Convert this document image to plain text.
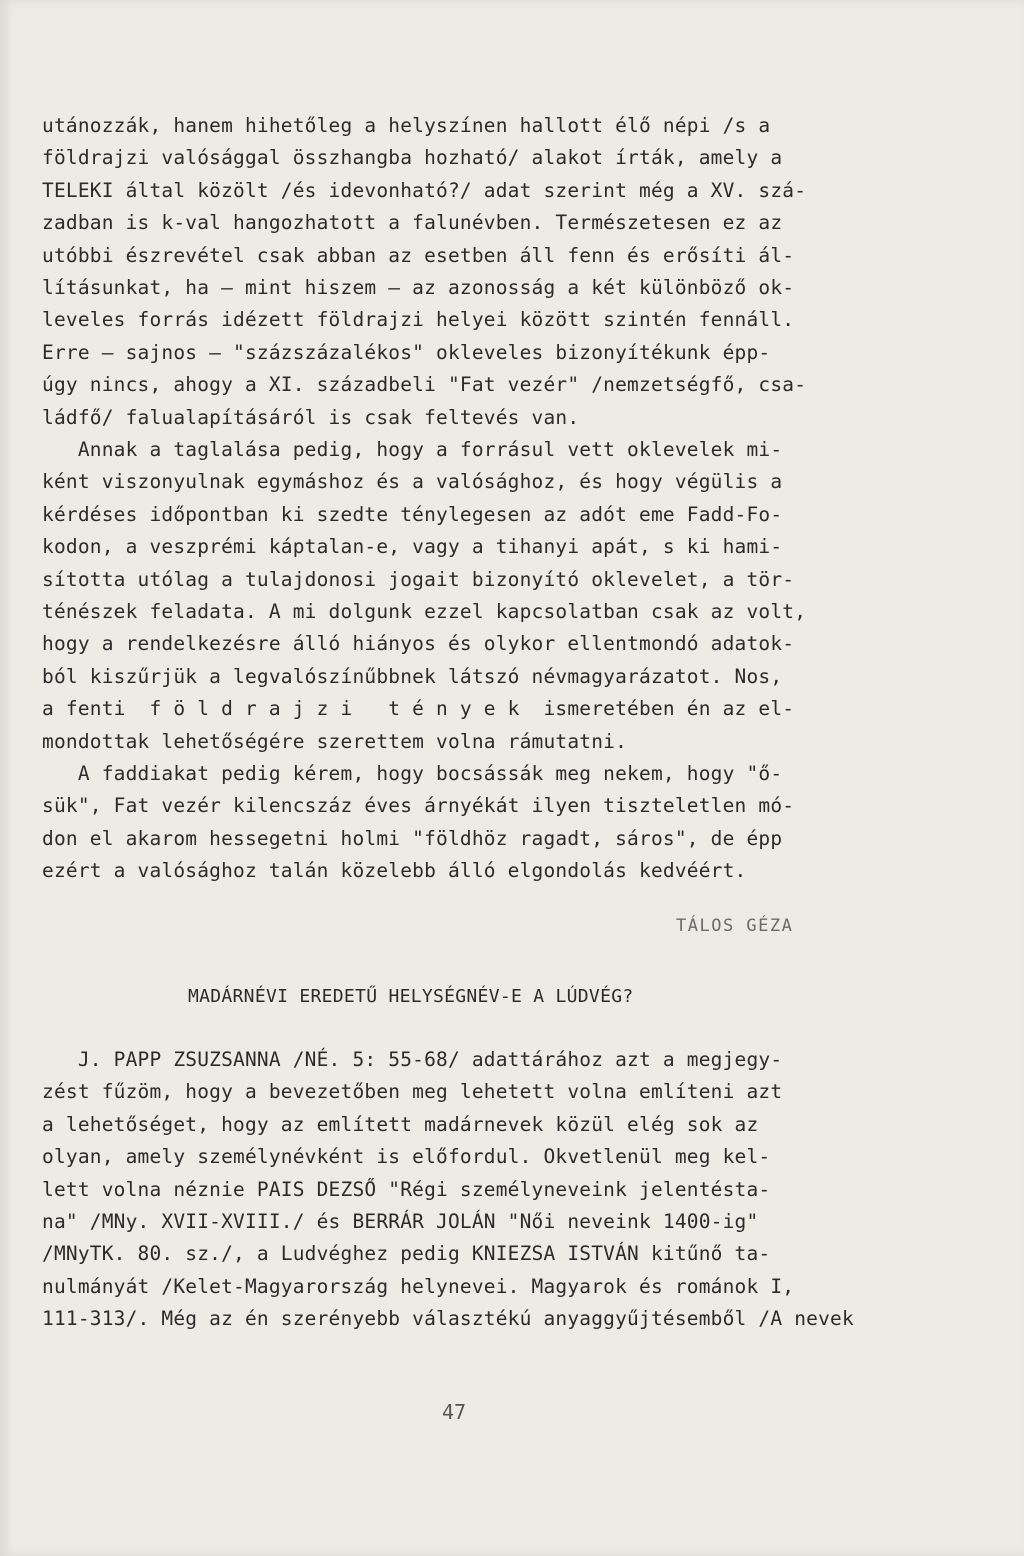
utánozzák, hanem hihetőleg a helyszínen hallott élő népi /s a
földrajzi valósággal összhangba hozható/ alakot írták, amely a
TELEKI által közölt /és idevonható?/ adat szerint még a XV. szá-
zadban is k-val hangozhatott a falunévben. Természetesen ez az
utóbbi észrevétel csak abban az esetben áll fenn és erősíti ál-
lításunkat, ha – mint hiszem – az azonosság a két különböző ok-
leveles forrás idézett földrajzi helyei között szintén fennáll.
Erre – sajnos – "százszázalékos" okleveles bizonyítékunk épp-
úgy nincs, ahogy a XI. századbeli "Fat vezér" /nemzetségfő, csa-
ládfő/ falualapításáról is csak feltevés van.
Annak a taglalása pedig, hogy a forrásul vett oklevelek mi-
ként viszonyulnak egymáshoz és a valósághoz, és hogy végülis a
kérdéses időpontban ki szedte ténylegesen az adót eme Fadd-Fo-
kodon, a veszprémi káptalan-e, vagy a tihanyi apát, s ki hami-
sította utólag a tulajdonosi jogait bizonyító oklevelet, a tör-
ténészek feladata. A mi dolgunk ezzel kapcsolatban csak az volt,
hogy a rendelkezésre álló hiányos és olykor ellentmondó adatok-
ból kiszűrjük a legvalószínűbbnek látszó névmagyarázatot. Nos,
a fenti  f ö l d r a j z i   t é n y e k  ismeretében én az el-
mondottak lehetőségére szerettem volna rámutatni.
A faddiakat pedig kérem, hogy bocsássák meg nekem, hogy "ő-
sük", Fat vezér kilencszáz éves árnyékát ilyen tiszteletlen mó-
don el akarom hessegetni holmi "földhöz ragadt, sáros", de épp
ezért a valósághoz talán közelebb álló elgondolás kedvéért.
TÁLOS GÉZA
MADÁRNÉVI EREDETŰ HELYSÉGNÉV-E A LÚDVÉG?
J. PAPP ZSUZSANNA /NÉ. 5: 55-68/ adattárához azt a megjegy-
zést fűzöm, hogy a bevezetőben meg lehetett volna említeni azt
a lehetőséget, hogy az említett madárnevek közül elég sok az
olyan, amely személynévként is előfordul. Okvetlenül meg kel-
lett volna néznie PAIS DEZSŐ "Régi személyneveink jelentésta-
na" /MNy. XVII-XVIII./ és BERRÁR JOLÁN "Női neveink 1400-ig"
/MNyTK. 80. sz./, a Ludvéghez pedig KNIEZSA ISTVÁN kitűnő ta-
nulmányát /Kelet-Magyarország helynevei. Magyarok és románok I,
111-313/. Még az én szerényebb választékú anyaggyűjtésemből /A nevek
47
